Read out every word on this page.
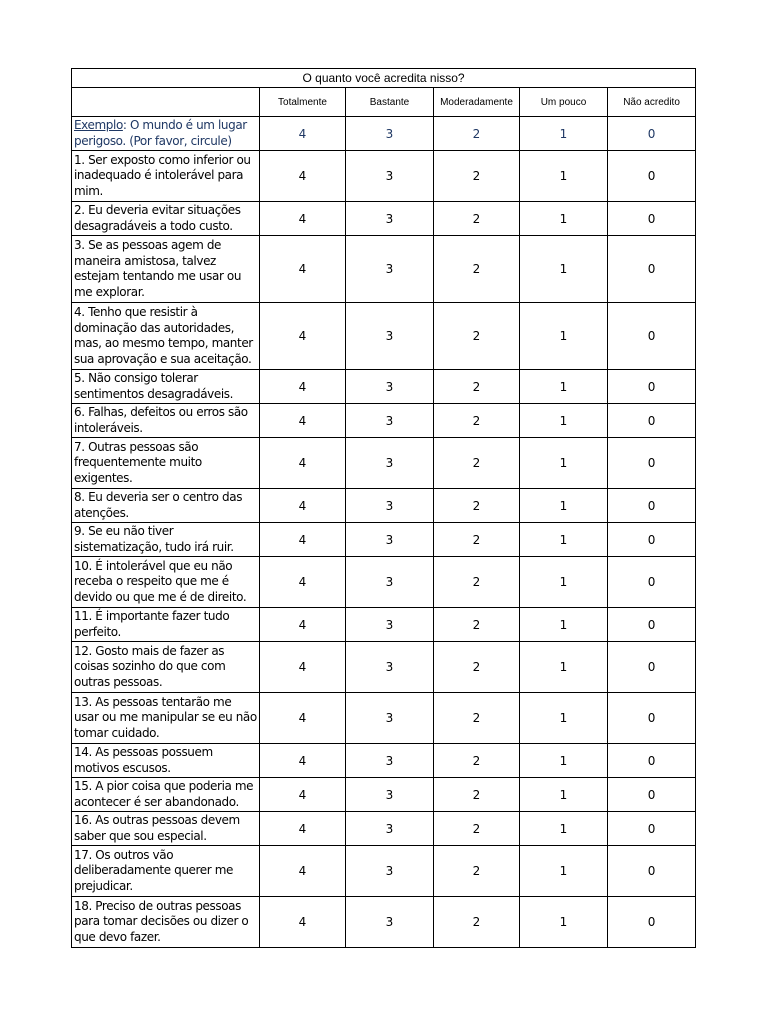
O quanto você acredita nisso?					
	Totalmente	Bastante	Moderadamente	Um pouco	Não acredito
Exemplo: O mundo é um lugar perigoso. (Por favor, circule)	4	3	2	1	0
1. Ser exposto como inferior ou inadequado é intolerável para mim.	4	3	2	1	0
2. Eu deveria evitar situações desagradáveis a todo custo.	4	3	2	1	0
3. Se as pessoas agem de maneira amistosa, talvez estejam tentando me usar ou me explorar.	4	3	2	1	0
4. Tenho que resistir à dominação das autoridades, mas, ao mesmo tempo, manter sua aprovação e sua aceitação.	4	3	2	1	0
5. Não consigo tolerar sentimentos desagradáveis.	4	3	2	1	0
6. Falhas, defeitos ou erros são intoleráveis.	4	3	2	1	0
7. Outras pessoas são frequentemente muito exigentes.	4	3	2	1	0
8. Eu deveria ser o centro das atenções.	4	3	2	1	0
9. Se eu não tiver sistematização, tudo irá ruir.	4	3	2	1	0
10. É intolerável que eu não receba o respeito que me é devido ou que me é de direito.	4	3	2	1	0
11. É importante fazer tudo perfeito.	4	3	2	1	0
12. Gosto mais de fazer as coisas sozinho do que com outras pessoas.	4	3	2	1	0
13. As pessoas tentarão me usar ou me manipular se eu não tomar cuidado.	4	3	2	1	0
14. As pessoas possuem motivos escusos.	4	3	2	1	0
15. A pior coisa que poderia me acontecer é ser abandonado.	4	3	2	1	0
16. As outras pessoas devem saber que sou especial.	4	3	2	1	0
17. Os outros vão deliberadamente querer me prejudicar.	4	3	2	1	0
18. Preciso de outras pessoas para tomar decisões ou dizer o que devo fazer.	4	3	2	1	0
